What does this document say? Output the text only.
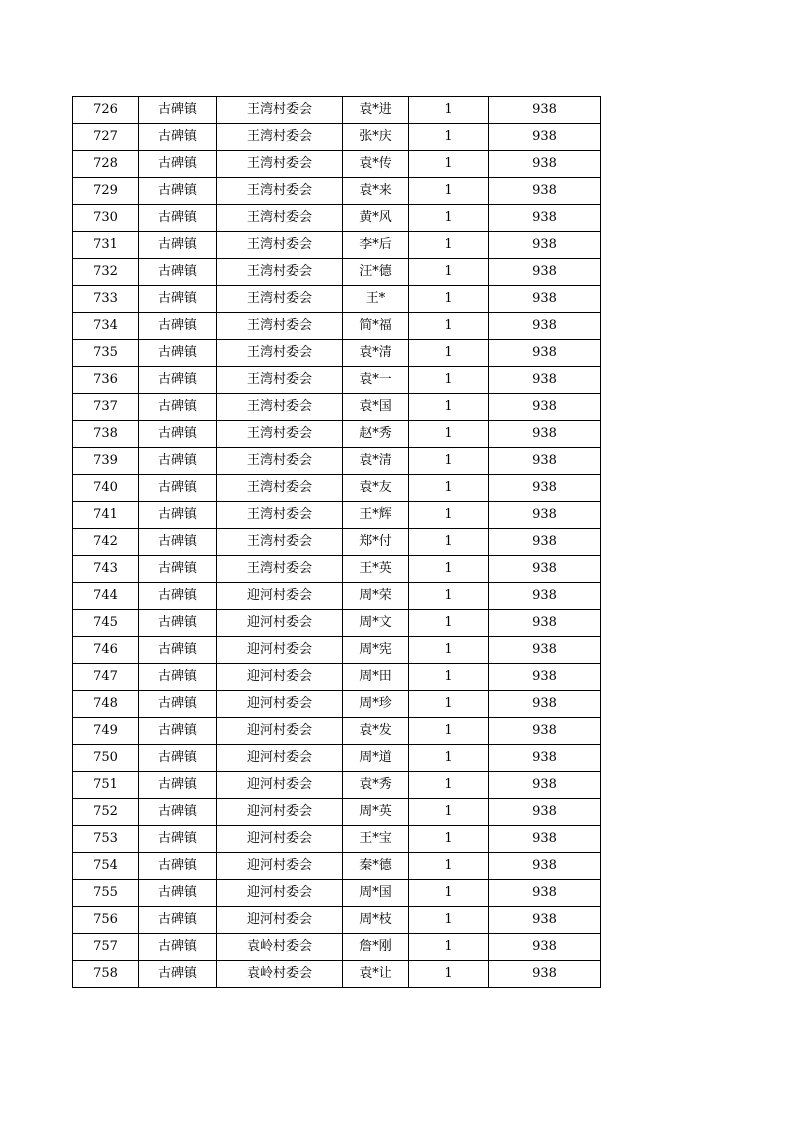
726	古碑镇	王湾村委会	袁*进	1	938
727	古碑镇	王湾村委会	张*庆	1	938
728	古碑镇	王湾村委会	袁*传	1	938
729	古碑镇	王湾村委会	袁*来	1	938
730	古碑镇	王湾村委会	黄*风	1	938
731	古碑镇	王湾村委会	李*后	1	938
732	古碑镇	王湾村委会	汪*德	1	938
733	古碑镇	王湾村委会	王*	1	938
734	古碑镇	王湾村委会	简*福	1	938
735	古碑镇	王湾村委会	袁*清	1	938
736	古碑镇	王湾村委会	袁*一	1	938
737	古碑镇	王湾村委会	袁*国	1	938
738	古碑镇	王湾村委会	赵*秀	1	938
739	古碑镇	王湾村委会	袁*清	1	938
740	古碑镇	王湾村委会	袁*友	1	938
741	古碑镇	王湾村委会	王*辉	1	938
742	古碑镇	王湾村委会	郑*付	1	938
743	古碑镇	王湾村委会	王*英	1	938
744	古碑镇	迎河村委会	周*荣	1	938
745	古碑镇	迎河村委会	周*文	1	938
746	古碑镇	迎河村委会	周*宪	1	938
747	古碑镇	迎河村委会	周*田	1	938
748	古碑镇	迎河村委会	周*珍	1	938
749	古碑镇	迎河村委会	袁*发	1	938
750	古碑镇	迎河村委会	周*道	1	938
751	古碑镇	迎河村委会	袁*秀	1	938
752	古碑镇	迎河村委会	周*英	1	938
753	古碑镇	迎河村委会	王*宝	1	938
754	古碑镇	迎河村委会	秦*德	1	938
755	古碑镇	迎河村委会	周*国	1	938
756	古碑镇	迎河村委会	周*枝	1	938
757	古碑镇	袁岭村委会	詹*刚	1	938
758	古碑镇	袁岭村委会	袁*让	1	938
